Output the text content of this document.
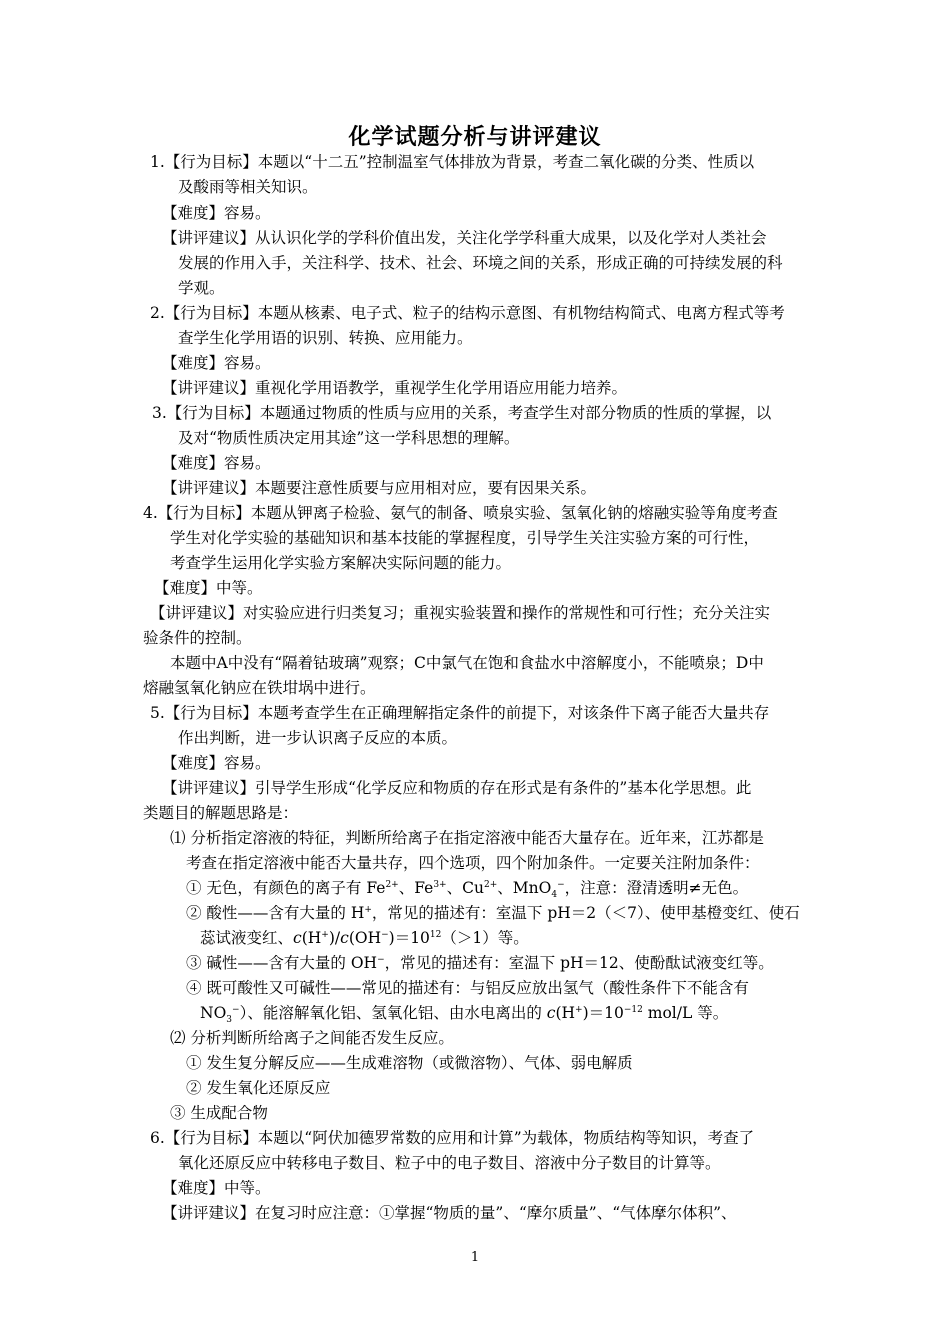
化学试题分析与讲评建议
1.【行为目标】本题以“十二五”控制温室气体排放为背景，考查二氧化碳的分类、性质以
及酸雨等相关知识。
【难度】容易。
【讲评建议】从认识化学的学科价值出发，关注化学学科重大成果，以及化学对人类社会
发展的作用入手，关注科学、技术、社会、环境之间的关系，形成正确的可持续发展的科
学观。
2.【行为目标】本题从核素、电子式、粒子的结构示意图、有机物结构简式、电离方程式等考
查学生化学用语的识别、转换、应用能力。
【难度】容易。
【讲评建议】重视化学用语教学，重视学生化学用语应用能力培养。
3.【行为目标】本题通过物质的性质与应用的关系，考查学生对部分物质的性质的掌握，以
及对“物质性质决定用其途”这一学科思想的理解。
【难度】容易。
【讲评建议】本题要注意性质要与应用相对应，要有因果关系。
4.【行为目标】本题从钾离子检验、氨气的制备、喷泉实验、氢氧化钠的熔融实验等角度考查
学生对化学实验的基础知识和基本技能的掌握程度，引导学生关注实验方案的可行性，
考查学生运用化学实验方案解决实际问题的能力。
【难度】中等。
【讲评建议】对实验应进行归类复习；重视实验装置和操作的常规性和可行性；充分关注实
验条件的控制。
本题中A中没有“隔着钴玻璃”观察；C中氯气在饱和食盐水中溶解度小，不能喷泉；D中
熔融氢氧化钠应在铁坩埚中进行。
5.【行为目标】本题考查学生在正确理解指定条件的前提下，对该条件下离子能否大量共存
作出判断，进一步认识离子反应的本质。
【难度】容易。
【讲评建议】引导学生形成“化学反应和物质的存在形式是有条件的”基本化学思想。此
类题目的解题思路是：
⑴ 分析指定溶液的特征，判断所给离子在指定溶液中能否大量存在。近年来，江苏都是
考查在指定溶液中能否大量共存，四个选项，四个附加条件。一定要关注附加条件：
① 无色，有颜色的离子有 $Fe^{2+}$、$Fe^{3+}$、$Cu^{2+}$、MnO$_4$−，注意：澄清透明≠无色。
② 酸性——含有大量的 H+，常见的描述有：室温下 pH＝2（＜7）、使甲基橙变红、使石
蕊试液变红、$c(H^+)/c(OH^-)=10^{12}(>1)$等。
③ 碱性——含有大量的 OH−，常见的描述有：室温下 pH＝12、使酚酞试液变红等。
④ 既可酸性又可碱性——常见的描述有：与铝反应放出氢气（酸性条件下不能含有
$NO_3^-$）、能溶解氧化铝、氢氧化铝、由水电离出的 $c(H^+)=10^{-12}$ mol/L 等。
⑵ 分析判断所给离子之间能否发生反应。
① 发生复分解反应——生成难溶物（或微溶物）、气体、弱电解质
② 发生氧化还原反应
③ 生成配合物
6.【行为目标】本题以“阿伏加德罗常数的应用和计算”为载体，物质结构等知识，考查了
氧化还原反应中转移电子数目、粒子中的电子数目、溶液中分子数目的计算等。
【难度】中等。
【讲评建议】在复习时应注意：①掌握“物质的量”、“摩尔质量”、“气体摩尔体积”、
1
